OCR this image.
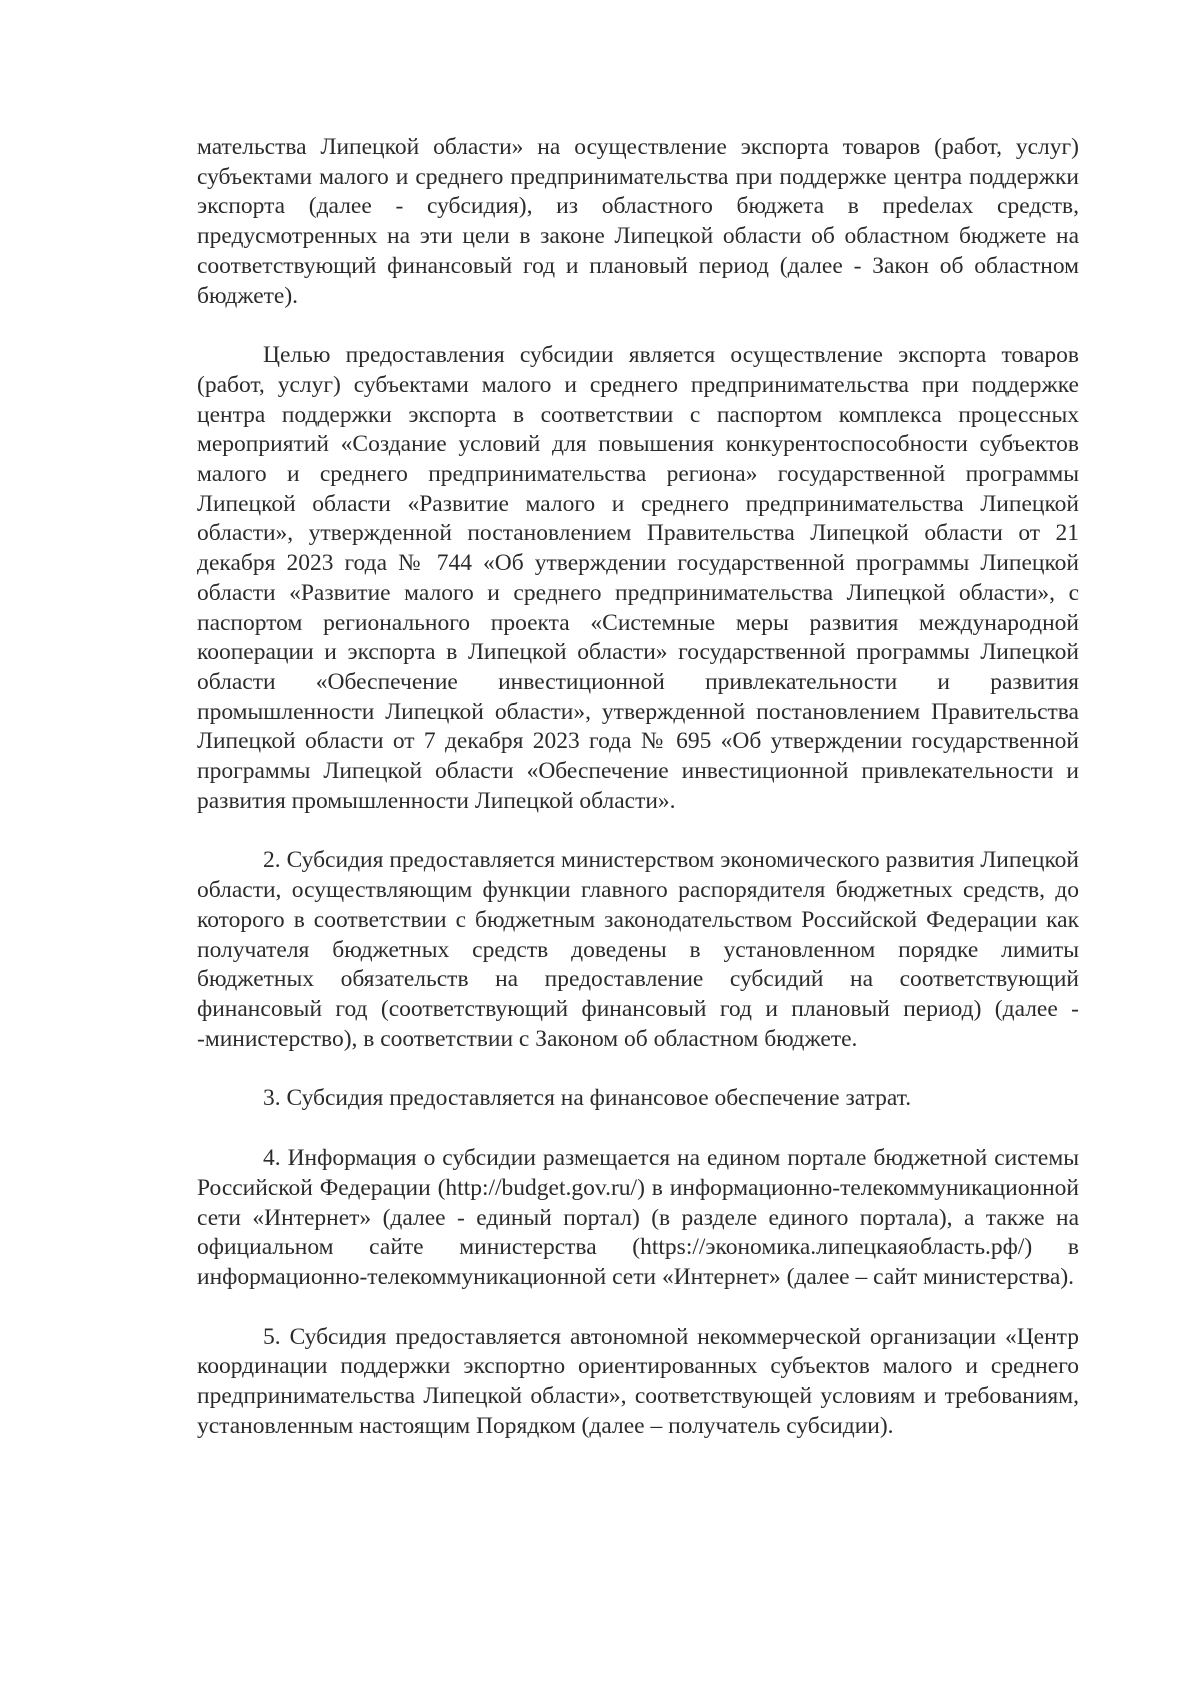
мательства Липецкой области» на осуществление экспорта товаров (работ, услуг) субъектами малого и среднего предпринимательства при поддержке центра поддержки экспорта (далее - субсидия), из областного бюджета в преdелах средств, предусмотренных на эти цели в законе Липецкой области об областном бюджете на соответствующий финансовый год и плановый период (далее - Закон об областном бюджете).

Целью предоставления субсидии является осуществление экспорта товаров (работ, услуг) субъектами малого и среднего предпринимательства при поддержке центра поддержки экспорта в соответствии с паспортом комплекса процессных мероприятий «Создание условий для повышения конкурентоспособности субъектов малого и среднего предпринимательства региона» государственной программы Липецкой области «Развитие малого и среднего предпринимательства Липецкой области», утвержденной постановлением Правительства Липецкой области от 21 декабря 2023 года № 744 «Об утверждении государственной программы Липецкой области «Развитие малого и среднего предпринимательства Липецкой области», с паспортом регионального проекта «Системные меры развития международной кооперации и экспорта в Липецкой области» государственной программы Липецкой области «Обеспечение инвестиционной привлекательности и развития промышленности Липецкой области», утвержденной постановлением Правительства Липецкой области от 7 декабря 2023 года № 695 «Об утверждении государственной программы Липецкой области «Обеспечение инвестиционной привлекательности и развития промышленности Липецкой области».

2. Субсидия предоставляется министерством экономического развития Липецкой области, осуществляющим функции главного распорядителя бюджетных средств, до которого в соответствии с бюджетным законодательством Российской Федерации как получателя бюджетных средств доведены в установленном порядке лимиты бюджетных обязательств на предоставление субсидий на соответствующий финансовый год (соответствующий финансовый год и плановый период) (далее - -министерство), в соответствии с Законом об областном бюджете.

3. Субсидия предоставляется на финансовое обеспечение затрат.

4. Информация о субсидии размещается на едином портале бюджетной системы Российской Федерации (http://budget.gov.ru/) в информационно-телекоммуникационной сети «Интернет» (далее - единый портал) (в разделе единого портала), а также на официальном сайте министерства (https://экономика.липецкаяобласть.рф/) в информационно-телекоммуникационной сети «Интернет» (далее – сайт министерства).

5. Субсидия предоставляется автономной некоммерческой организации «Центр координации поддержки экспортно ориентированных субъектов малого и среднего предпринимательства Липецкой области», соответствующей условиям и требованиям, установленным настоящим Порядком (далее – получатель субсидии).
